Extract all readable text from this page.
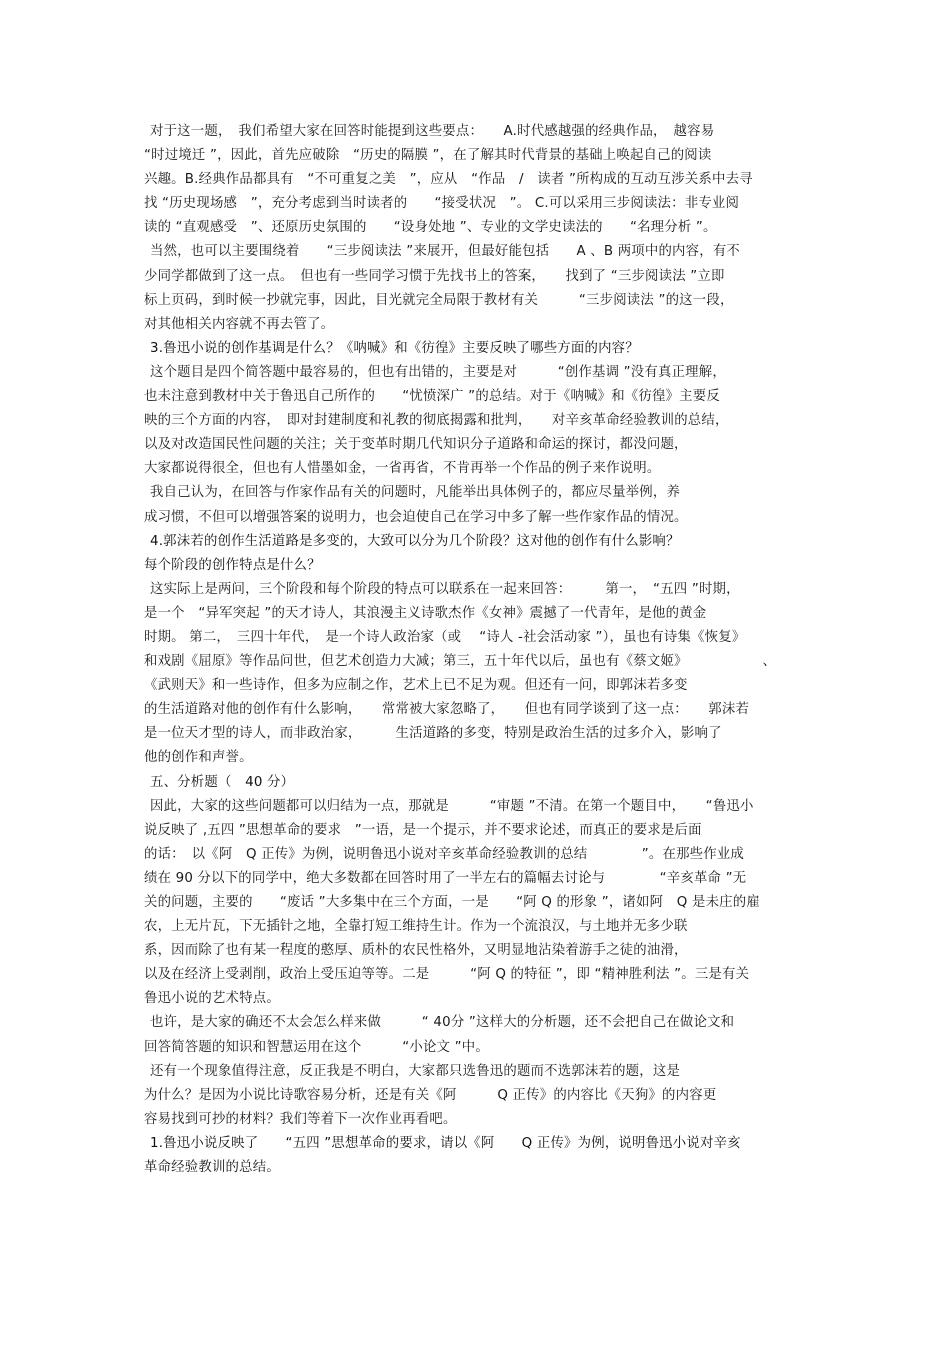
对于这一题，　我们希望大家在回答时能提到这些要点：　　A.时代感越强的经典作品，　越容易
“时过境迁 ”，因此，首先应破除　“历史的隔膜 ”，在了解其时代背景的基础上唤起自己的阅读
兴趣。B.经典作品都具有　“不可重复之美　”，应从　“作品　/　读者 ”所构成的互动互涉关系中去寻
找 “历史现场感　”，充分考虑到当时读者的　　“接受状况　”。 C.可以采用三步阅读法：非专业阅
读的 “直观感受　”、还原历史氛围的　　“设身处地 ”、专业的文学史读法的　　“名理分析 ”。
当然，也可以主要围绕着　　“三步阅读法 ”来展开，但最好能包括　　A 、B 两项中的内容，有不
少同学都做到了这一点。　但也有一些同学习惯于先找书上的答案，　　找到了 “三步阅读法 ”立即
标上页码，到时候一抄就完事，因此，目光就完全局限于教材有关　　　“三步阅读法 ”的这一段，
对其他相关内容就不再去管了。
3.鲁迅小说的创作基调是什么？《呐喊》和《彷徨》主要反映了哪些方面的内容？
这个题目是四个简答题中最容易的，但也有出错的，主要是对　　　“创作基调 ”没有真正理解，
也未注意到教材中关于鲁迅自己所作的　　“忧愤深广 ”的总结。对于《呐喊》和《彷徨》主要反
映的三个方面的内容，　即对封建制度和礼教的彻底揭露和批判，　　对辛亥革命经验教训的总结，
以及对改造国民性问题的关注；关于变革时期几代知识分子道路和命运的探讨，都没问题，
大家都说得很全，但也有人惜墨如金，一省再省，不肯再举一个作品的例子来作说明。
我自己认为，在回答与作家作品有关的问题时，凡能举出具体例子的，都应尽量举例，养
成习惯，不但可以增强答案的说明力，也会迫使自己在学习中多了解一些作家作品的情况。
4.郭沫若的创作生活道路是多变的，大致可以分为几个阶段？这对他的创作有什么影响？
每个阶段的创作特点是什么？
这实际上是两问，三个阶段和每个阶段的特点可以联系在一起来回答：　　　第一，　“五四 ”时期，
是一个　“异军突起 ”的天才诗人，其浪漫主义诗歌杰作《女神》震撼了一代青年，是他的黄金
时期。 第二，　三四十年代，　是一个诗人政治家（或　 “诗人 -社会活动家 ”），虽也有诗集《恢复》
和戏剧《屈原》等作品问世，但艺术创造力大减；第三，五十年代以后，虽也有《蔡文姬》　　　　　　、
《武则天》和一些诗作，但多为应制之作，艺术上已不足为观。但还有一问，即郭沫若多变
的生活道路对他的创作有什么影响，　　常常被大家忽略了，　　但也有同学谈到了这一点：　　郭沫若
是一位天才型的诗人，而非政治家，　　　生活道路的多变，特别是政治生活的过多介入，影响了
他的创作和声誉。
五、分析题（　40 分）
因此，大家的这些问题都可以归结为一点，那就是　　　“审题 ”不清。在第一个题目中，　　“鲁迅小
说反映了 ,五四 ”思想革命的要求　”一语，是一个提示，并不要求论述，而真正的要求是后面
的话：　以《阿　Q 正传》为例，说明鲁迅小说对辛亥革命经验教训的总结　　　　”。在那些作业成
绩在 90 分以下的同学中，绝大多数都在回答时用了一半左右的篇幅去讨论与　　　　“辛亥革命 ”无
关的问题，主要的　　“废话 ”大多集中在三个方面，一是　　“阿 Q 的形象 ”，诸如阿　Q 是未庄的雇
农，上无片瓦，下无插针之地，全靠打短工维持生计。作为一个流浪汉，与土地并无多少联
系，因而除了也有某一程度的憨厚、质朴的农民性格外，又明显地沾染着游手之徒的油滑，
以及在经济上受剥削，政治上受压迫等等。二是　　　“阿 Q 的特征 ”，即 “精神胜利法 ”。三是有关
鲁迅小说的艺术特点。
也许，是大家的确还不太会怎么样来做　　　“ 40分 ”这样大的分析题，还不会把自己在做论文和
回答简答题的知识和智慧运用在这个　　　“小论文 ”中。
还有一个现象值得注意，反正我是不明白，大家都只选鲁迅的题而不选郭沫若的题，这是
为什么？是因为小说比诗歌容易分析，还是有关《阿　　　Q 正传》的内容比《天狗》的内容更
容易找到可抄的材料？我们等着下一次作业再看吧。
1.鲁迅小说反映了　　“五四 ”思想革命的要求，请以《阿　　Q 正传》为例，说明鲁迅小说对辛亥
革命经验教训的总结。
